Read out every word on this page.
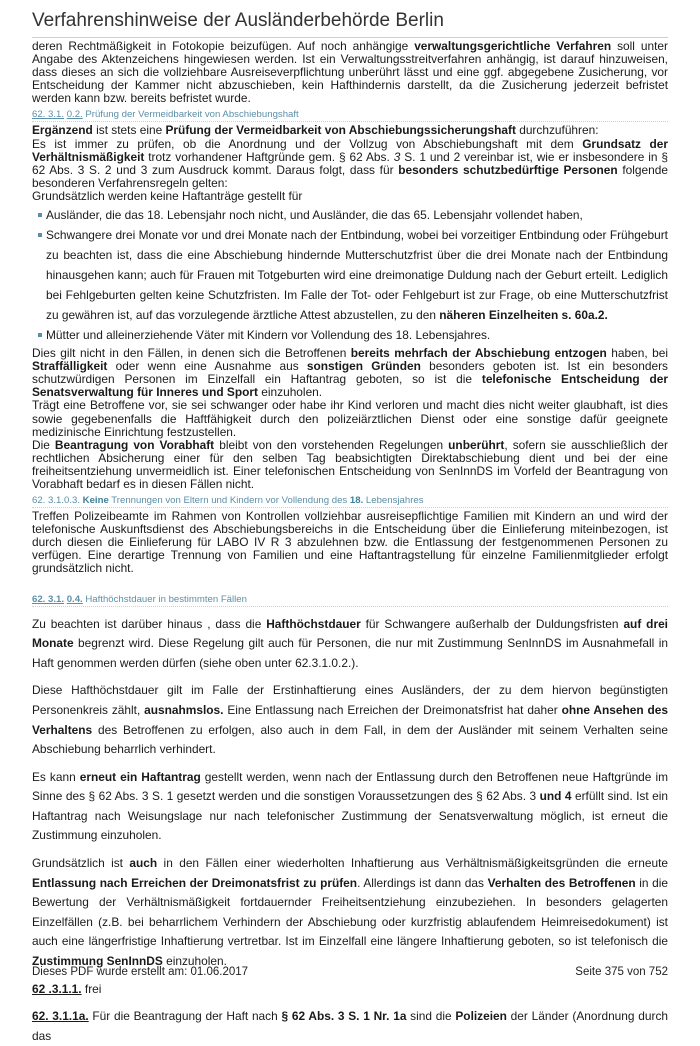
Verfahrenshinweise der Ausländerbehörde Berlin

deren Rechtmäßigkeit in Fotokopie beizufügen. Auf noch anhängige verwaltungsgerichtliche Verfahren soll unter Angabe des Aktenzeichens hingewiesen werden. Ist ein Verwaltungsstreitverfahren anhängig, ist darauf hinzuweisen, dass dieses an sich die vollziehbare Ausreiseverpflichtung unberührt lässt und eine ggf. abgegebene Zusicherung, vor Entscheidung der Kammer nicht abzuschieben, kein Hafthindernis darstellt, da die Zusicherung jederzeit befristet werden kann bzw. bereits befristet wurde.

62. 3.1. 0.2. Prüfung der Vermeidbarkeit von Abschiebungshaft

Ergänzend ist stets eine Prüfung der Vermeidbarkeit von Abschiebungssicherungshaft durchzuführen:

Es ist immer zu prüfen, ob die Anordnung und der Vollzug von Abschiebungshaft mit dem Grundsatz der Verhältnismäßigkeit trotz vorhandener Haftgründe gem. § 62 Abs. 3 S. 1 und 2 vereinbar ist, wie er insbesondere in § 62 Abs. 3 S. 2 und 3 zum Ausdruck kommt. Daraus folgt, dass für besonders schutzbedürftige Personen folgende besonderen Verfahrensregeln gelten:

Grundsätzlich werden keine Haftanträge gestellt für

Ausländer, die das 18. Lebensjahr noch nicht, und Ausländer, die das 65. Lebensjahr vollendet haben,
Schwangere drei Monate vor und drei Monate nach der Entbindung, wobei bei vorzeitiger Entbindung oder Frühgeburt zu beachten ist, dass die eine Abschiebung hindernde Mutterschutzfrist über die drei Monate nach der Entbindung hinausgehen kann; auch für Frauen mit Totgeburten wird eine dreimonatige Duldung nach der Geburt erteilt. Lediglich bei Fehlgeburten gelten keine Schutzfristen. Im Falle der Tot- oder Fehlgeburt ist zur Frage, ob eine Mutterschutzfrist zu gewähren ist, auf das vorzulegende ärztliche Attest abzustellen, zu den näheren Einzelheiten s. 60a.2.
Mütter und alleinerziehende Väter mit Kindern vor Vollendung des 18. Lebensjahres.

Dies gilt nicht in den Fällen, in denen sich die Betroffenen bereits mehrfach der Abschiebung entzogen haben, bei Straffälligkeit oder wenn eine Ausnahme aus sonstigen Gründen besonders geboten ist. Ist ein besonders schutzwürdigen Personen im Einzelfall ein Haftantrag geboten, so ist die telefonische Entscheidung der Senatsverwaltung für Inneres und Sport einzuholen.

Trägt eine Betroffene vor, sie sei schwanger oder habe ihr Kind verloren und macht dies nicht weiter glaubhaft, ist dies sowie gegebenenfalls die Haftfähigkeit durch den polizeiärztlichen Dienst oder eine sonstige dafür geeignete medizinische Einrichtung festzustellen.

Die Beantragung von Vorabhaft bleibt von den vorstehenden Regelungen unberührt, sofern sie ausschließlich der rechtlichen Absicherung einer für den selben Tag beabsichtigten Direktabschiebung dient und bei der eine freiheitsentziehung unvermeidlich ist. Einer telefonischen Entscheidung von SenInnDS im Vorfeld der Beantragung von Vorabhaft bedarf es in diesen Fällen nicht.

62. 3.1.0.3. Keine Trennungen von Eltern und Kindern vor Vollendung des 18. Lebensjahres

Treffen Polizeibeamte im Rahmen von Kontrollen vollziehbar ausreisepflichtige Familien mit Kindern an und wird der telefonische Auskunftsdienst des Abschiebungsbereichs in die Entscheidung über die Einlieferung miteinbezogen, ist durch diesen die Einlieferung für LABO IV R 3 abzulehnen bzw. die Entlassung der festgenommenen Personen zu verfügen. Eine derartige Trennung von Familien und eine Haftantragstellung für einzelne Familienmitglieder erfolgt grundsätzlich nicht.

62. 3.1. 0.4. Hafthöchstdauer in bestimmten Fällen

Zu beachten ist darüber hinaus , dass die Hafthöchstdauer für Schwangere außerhalb der Duldungsfristen auf drei Monate begrenzt wird. Diese Regelung gilt auch für Personen, die nur mit Zustimmung SenInnDS im Ausnahmefall in Haft genommen werden dürfen (siehe oben unter 62.3.1.0.2.).

Diese Hafthöchstdauer gilt im Falle der Erstinhaftierung eines Ausländers, der zu dem hiervon begünstigten Personenkreis zählt, ausnahmslos. Eine Entlassung nach Erreichen der Dreimonatsfrist hat daher ohne Ansehen des Verhaltens des Betroffenen zu erfolgen, also auch in dem Fall, in dem der Ausländer mit seinem Verhalten seine Abschiebung beharrlich verhindert.

Es kann erneut ein Haftantrag gestellt werden, wenn nach der Entlassung durch den Betroffenen neue Haftgründe im Sinne des § 62 Abs. 3 S. 1 gesetzt werden und die sonstigen Voraussetzungen des § 62 Abs. 3 und 4 erfüllt sind. Ist ein Haftantrag nach Weisungslage nur nach telefonischer Zustimmung der Senatsverwaltung möglich, ist erneut die Zustimmung einzuholen.

Grundsätzlich ist auch in den Fällen einer wiederholten Inhaftierung aus Verhältnismäßigkeitsgründen die erneute Entlassung nach Erreichen der Dreimonatsfrist zu prüfen. Allerdings ist dann das Verhalten des Betroffenen in die Bewertung der Verhältnismäßigkeit fortdauernder Freiheitsentziehung einzubeziehen. In besonders gelagerten Einzelfällen (z.B. bei beharrlichem Verhindern der Abschiebung oder kurzfristig ablaufendem Heimreisedokument) ist auch eine längerfristige Inhaftierung vertretbar. Ist im Einzelfall eine längere Inhaftierung geboten, so ist telefonisch die Zustimmung SenInnDS einzuholen.

62 .3.1.1. frei

62. 3.1.1a. Für die Beantragung der Haft nach § 62 Abs. 3 S. 1 Nr. 1a sind die Polizeien der Länder (Anordnung durch das

Dieses PDF wurde erstellt am: 01.06.2017	Seite 375 von 752
